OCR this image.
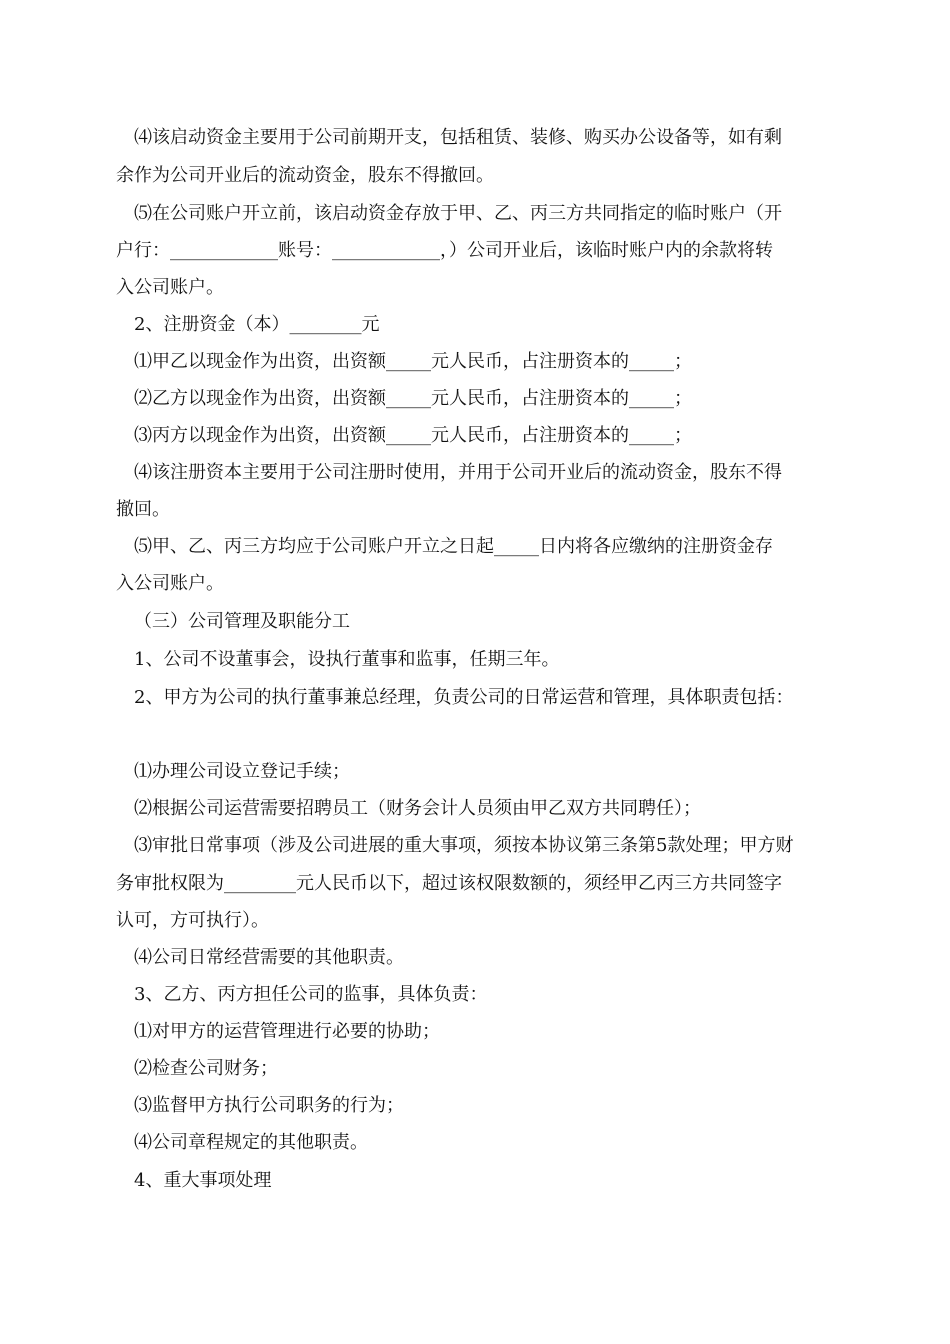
⑷该启动资金主要用于公司前期开支，包括租赁、装修、购买办公设备等，如有剩
余作为公司开业后的流动资金，股东不得撤回。
⑸在公司账户开立前，该启动资金存放于甲、乙、丙三方共同指定的临时账户（开
户行：____________账号：____________，）公司开业后，该临时账户内的余款将转
入公司账户。
2、注册资金（本）________元
⑴甲乙以现金作为出资，出资额_____元人民币，占注册资本的_____；
⑵乙方以现金作为出资，出资额_____元人民币，占注册资本的_____；
⑶丙方以现金作为出资，出资额_____元人民币，占注册资本的_____；
⑷该注册资本主要用于公司注册时使用，并用于公司开业后的流动资金，股东不得
撤回。
⑸甲、乙、丙三方均应于公司账户开立之日起_____日内将各应缴纳的注册资金存
入公司账户。
（三）公司管理及职能分工
1、公司不设董事会，设执行董事和监事，任期三年。
2、甲方为公司的执行董事兼总经理，负责公司的日常运营和管理，具体职责包括：
⑴办理公司设立登记手续；
⑵根据公司运营需要招聘员工（财务会计人员须由甲乙双方共同聘任）；
⑶审批日常事项（涉及公司进展的重大事项，须按本协议第三条第5款处理；甲方财
务审批权限为________元人民币以下，超过该权限数额的，须经甲乙丙三方共同签字
认可，方可执行）。
⑷公司日常经营需要的其他职责。
3、乙方、丙方担任公司的监事，具体负责：
⑴对甲方的运营管理进行必要的协助；
⑵检查公司财务；
⑶监督甲方执行公司职务的行为；
⑷公司章程规定的其他职责。
4、重大事项处理
